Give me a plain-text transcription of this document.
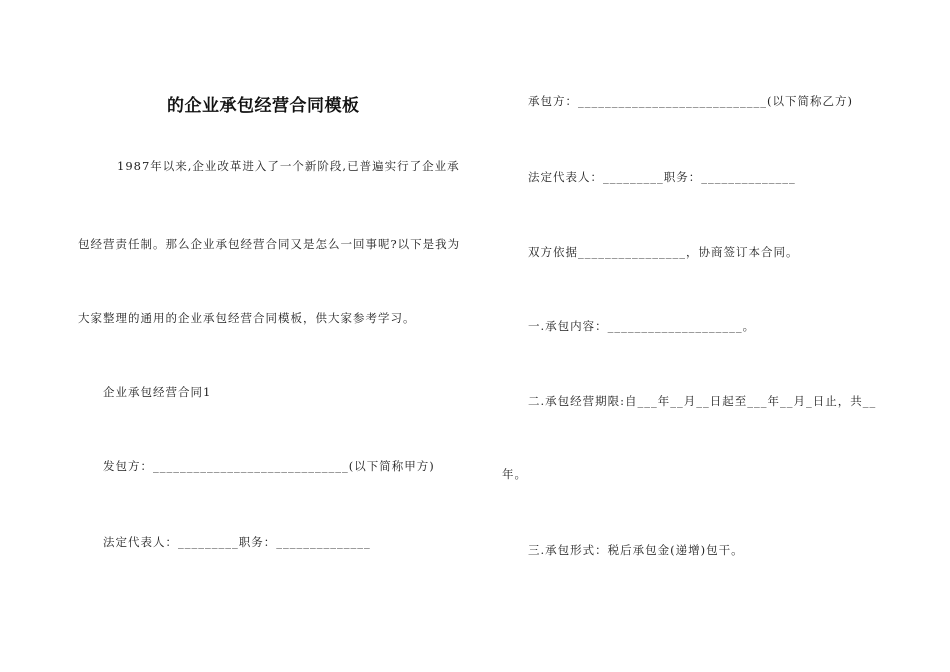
的企业承包经营合同模板
1987年以来,企业改革进入了一个新阶段,已普遍实行了企业承
包经营责任制。那么企业承包经营合同又是怎么一回事呢?以下是我为
大家整理的通用的企业承包经营合同模板，供大家参考学习。
企业承包经营合同1
发包方：_____________________________(以下简称甲方)
法定代表人：_________职务：______________
承包方：____________________________(以下简称乙方)
法定代表人：_________职务：______________
双方依据________________，协商签订本合同。
一.承包内容：____________________。
二.承包经营期限:自___年__月__日起至___年__月_日止，共__
年。
三.承包形式：税后承包金(递增)包干。
